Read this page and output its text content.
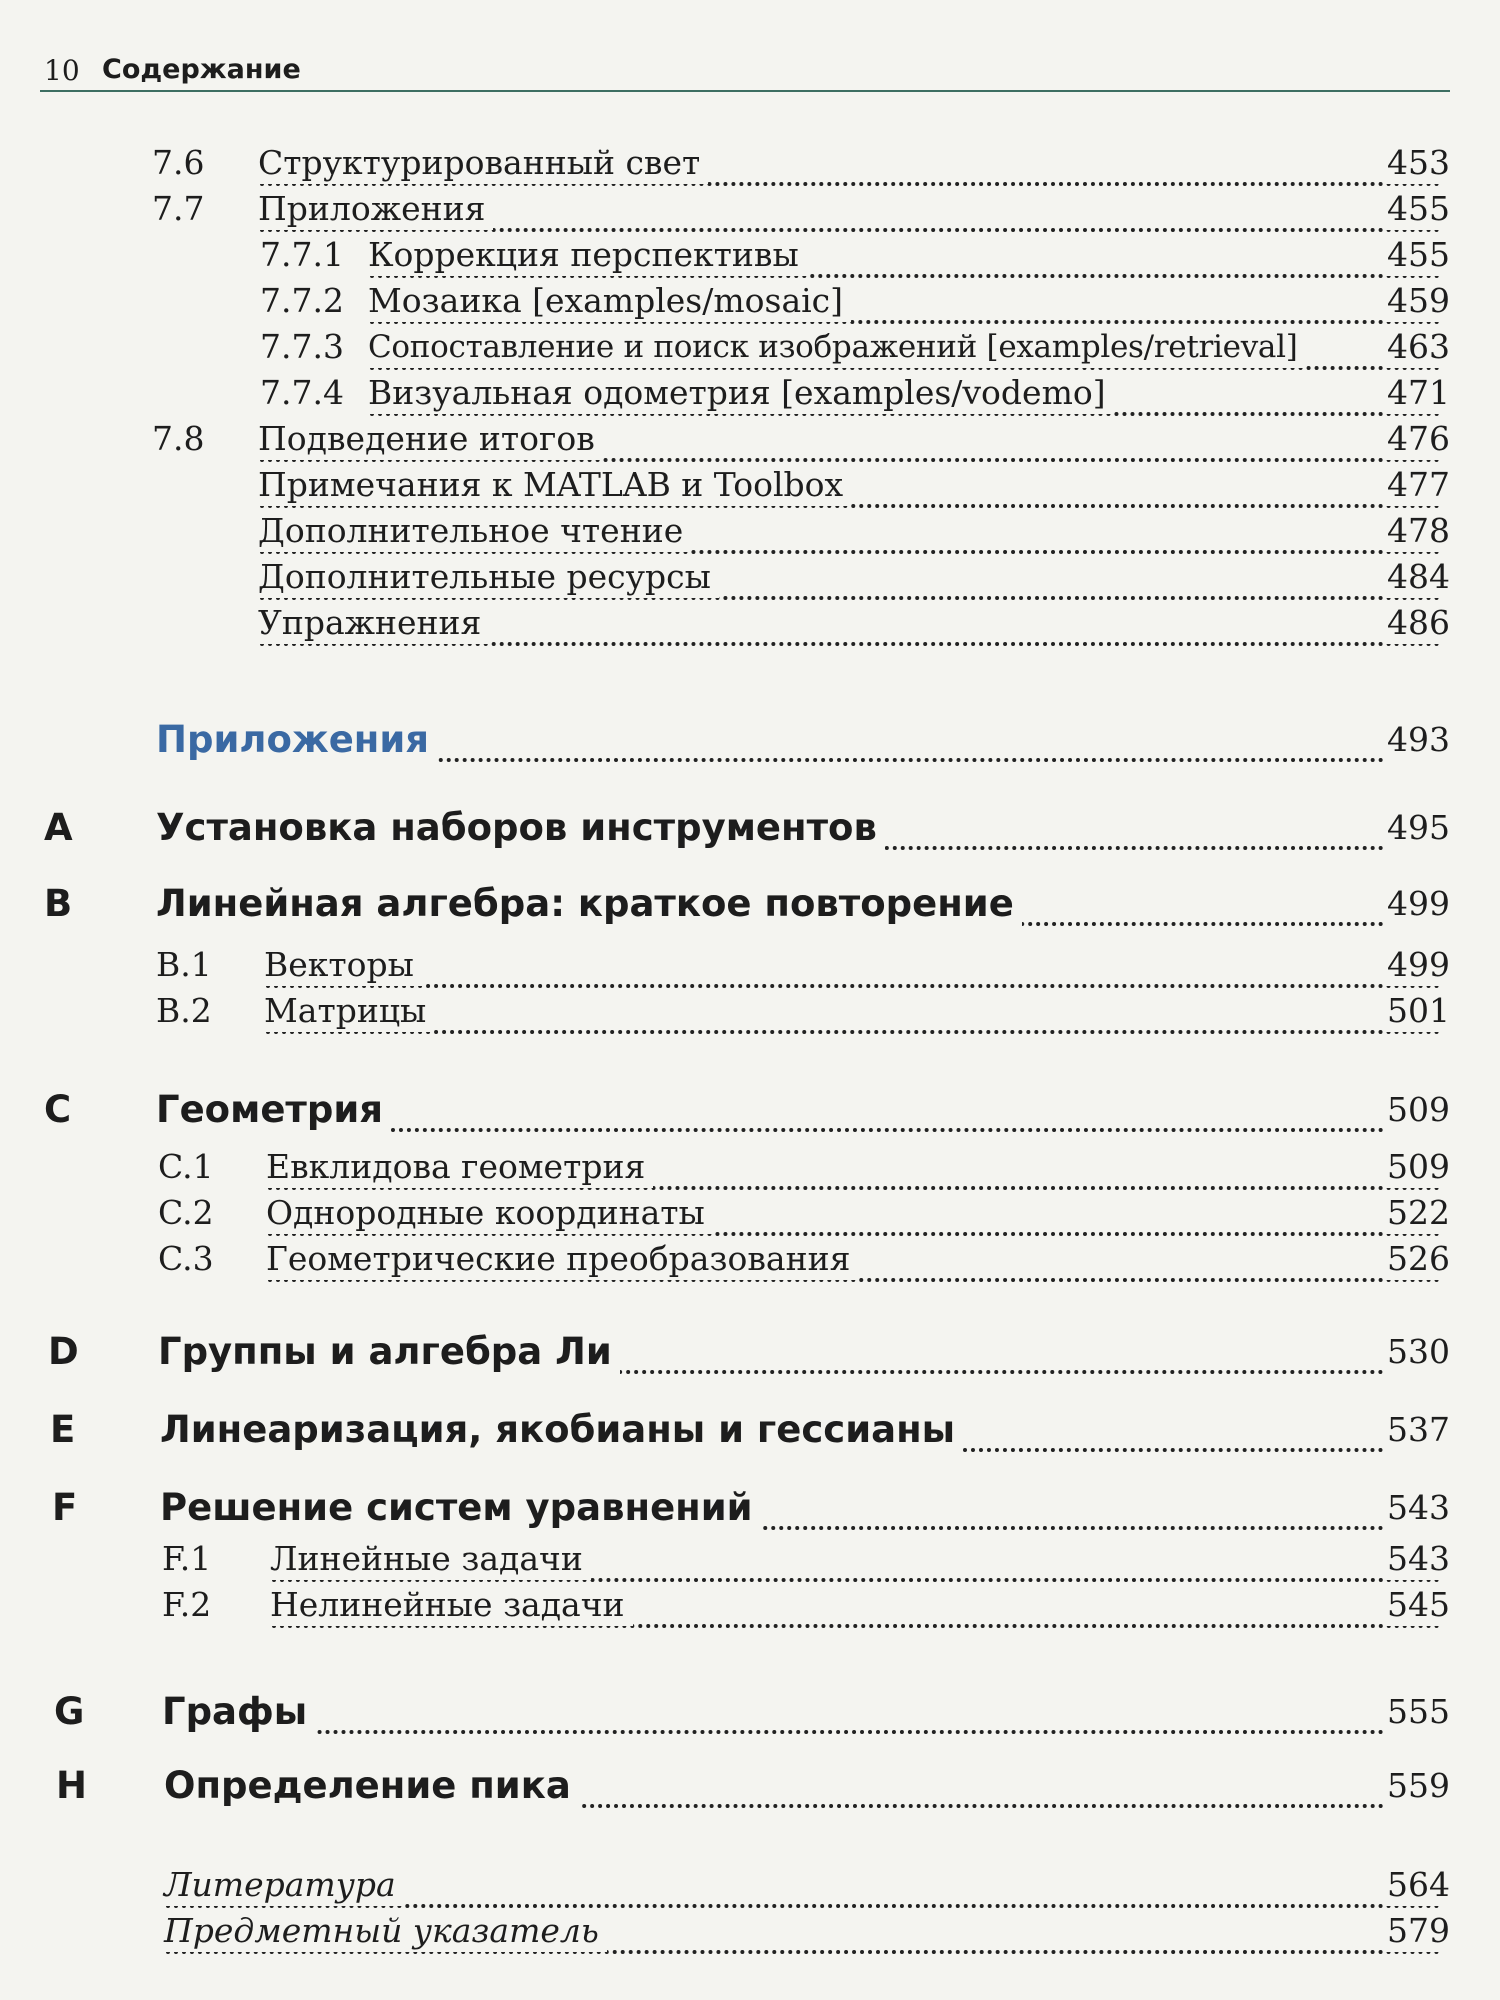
10 Содержание
7.6 Структурированный свет	453
7.7 Приложения	455
7.7.1 Коррекция перспективы	455
7.7.2 Мозаика [examples/mosaic]	459
7.7.3 Сопоставление и поиск изображений [examples/retrieval]	463
7.7.4 Визуальная одометрия [examples/vodemo]	471
7.8 Подведение итогов	476
Примечания к MATLAB и Toolbox	477
Дополнительное чтение	478
Дополнительные ресурсы	484
Упражнения	486
Приложения	493
A Установка наборов инструментов	495
B Линейная алгебра: краткое повторение	499
B.1 Векторы	499
B.2 Матрицы	501
C Геометрия	509
C.1 Евклидова геометрия	509
C.2 Однородные координаты	522
C.3 Геометрические преобразования	526
D Группы и алгебра Ли	530
E Линеаризация, якобианы и гессианы	537
F Решение систем уравнений	543
F.1 Линейные задачи	543
F.2 Нелинейные задачи	545
G Графы	555
H Определение пика	559
Литература	564
Предметный указатель	579
